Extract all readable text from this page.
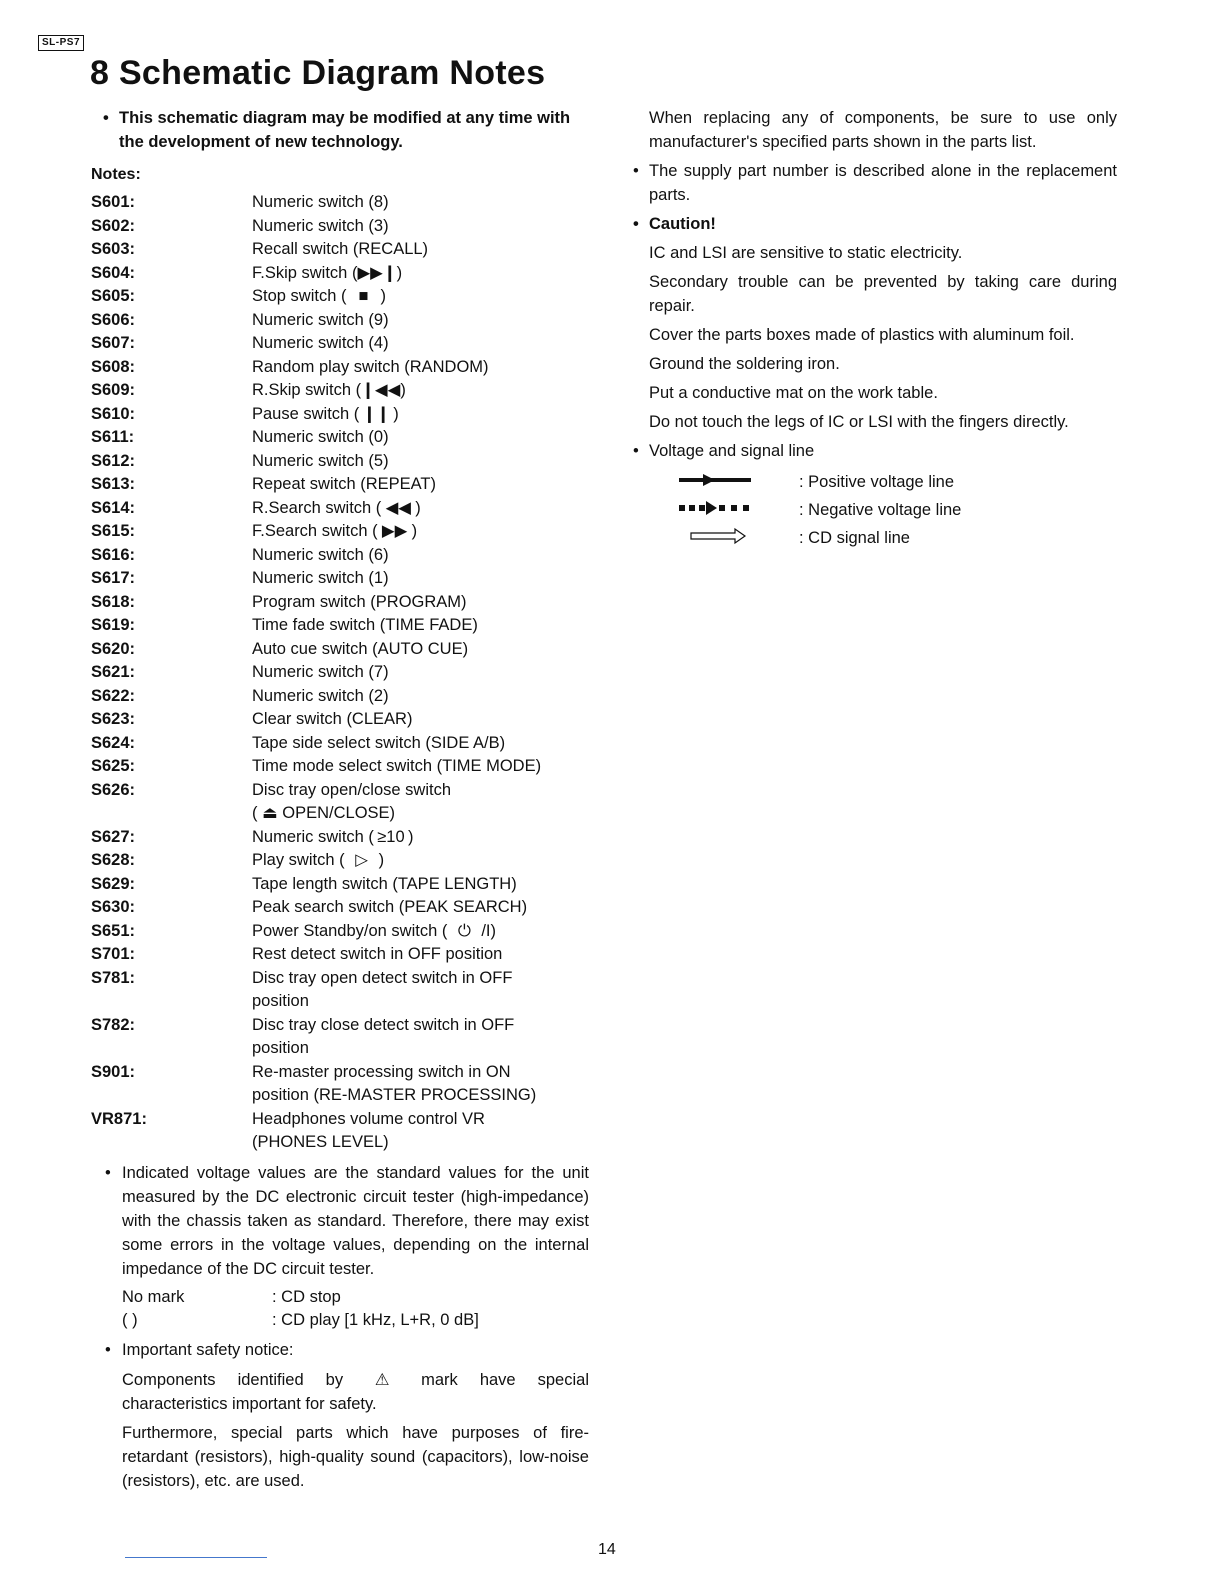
SL-PS7
8 Schematic Diagram Notes
• This schematic diagram may be modified at any time with the development of new technology.
Notes:
S601:	Numeric switch (8)
S602:	Numeric switch (3)
S603:	Recall switch (RECALL)
S604:	F.Skip switch (▶▶❙)
S605:	Stop switch ( ■ )
S606:	Numeric switch (9)
S607:	Numeric switch (4)
S608:	Random play switch (RANDOM)
S609:	R.Skip switch (❙◀◀)
S610:	Pause switch ( ❙❙ )
S611:	Numeric switch (0)
S612:	Numeric switch (5)
S613:	Repeat switch (REPEAT)
S614:	R.Search switch ( ◀◀ )
S615:	F.Search switch ( ▶▶ )
S616:	Numeric switch (6)
S617:	Numeric switch (1)
S618:	Program switch (PROGRAM)
S619:	Time fade switch (TIME FADE)
S620:	Auto cue switch (AUTO CUE)
S621:	Numeric switch (7)
S622:	Numeric switch (2)
S623:	Clear switch (CLEAR)
S624:	Tape side select switch (SIDE A/B)
S625:	Time mode select switch (TIME MODE)
S626:	Disc tray open/close switch
( ⏏ OPEN/CLOSE)
S627:	Numeric switch ( ≥10 )
S628:	Play switch ( ▷ )
S629:	Tape length switch (TAPE LENGTH)
S630:	Peak search switch (PEAK SEARCH)
S651:	Power Standby/on switch ( ⏻ /I)
S701:	Rest detect switch in OFF position
S781:	Disc tray open detect switch in OFF
position
S782:	Disc tray close detect switch in OFF
position
S901:	Re-master processing switch in ON
position (RE-MASTER PROCESSING)
VR871:	Headphones volume control VR
(PHONES LEVEL)
• Indicated voltage values are the standard values for the unit measured by the DC electronic circuit tester (high-impedance) with the chassis taken as standard. Therefore, there may exist some errors in the voltage values, depending on the internal impedance of the DC circuit tester.
No mark	: CD stop
( )	: CD play [1 kHz, L+R, 0 dB]
• Important safety notice:
Components identified by ⚠ mark have special characteristics important for safety.
Furthermore, special parts which have purposes of fire-retardant (resistors), high-quality sound (capacitors), low-noise (resistors), etc. are used.
When replacing any of components, be sure to use only manufacturer's specified parts shown in the parts list.
• The supply part number is described alone in the replacement parts.
• Caution!
IC and LSI are sensitive to static electricity.
Secondary trouble can be prevented by taking care during repair.
Cover the parts boxes made of plastics with aluminum foil.
Ground the soldering iron.
Put a conductive mat on the work table.
Do not touch the legs of IC or LSI with the fingers directly.
• Voltage and signal line
: Positive voltage line
: Negative voltage line
: CD signal line
14
